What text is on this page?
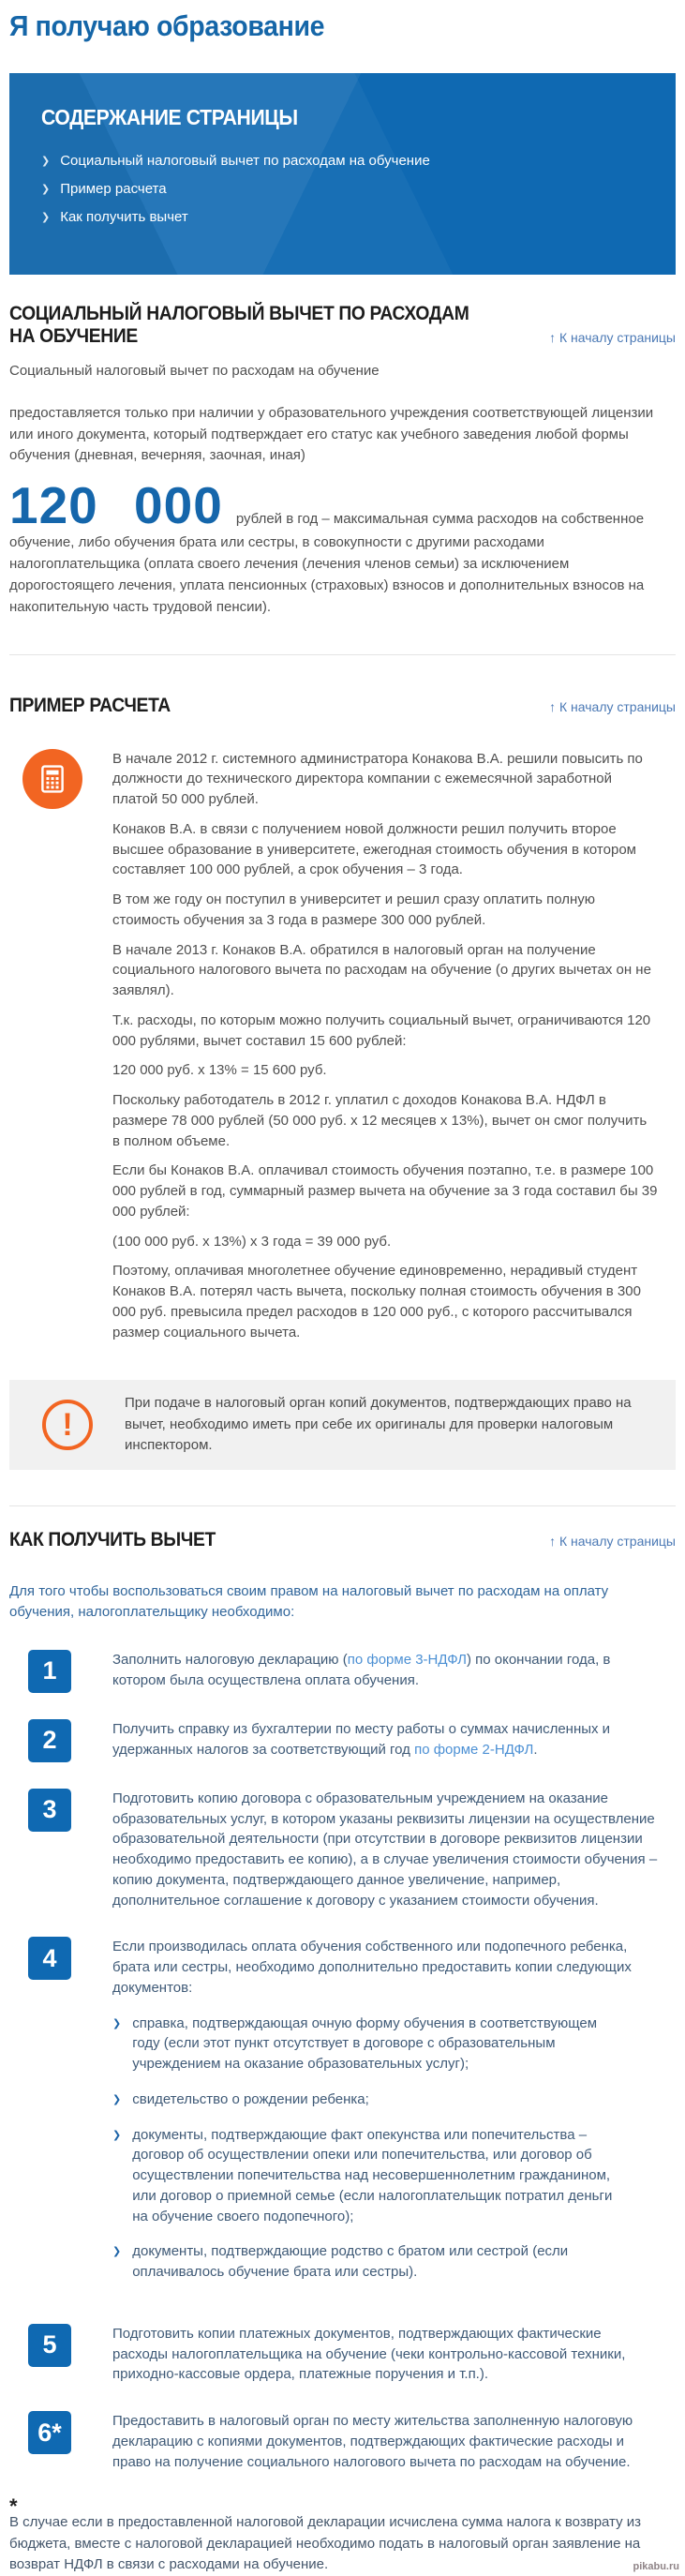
Я получаю образование
СОДЕРЖАНИЕ СТРАНИЦЫ
❯ Социальный налоговый вычет по расходам на обучение
❯ Пример расчета
❯ Как получить вычет
СОЦИАЛЬНЫЙ НАЛОГОВЫЙ ВЫЧЕТ ПО РАСХОДАМ НА ОБУЧЕНИЕ	↑ К началу страницы

Социальный налоговый вычет по расходам на обучение

предоставляется только при наличии у образовательного учреждения соответствующей лицензии или иного документа, который подтверждает его статус как учебного заведения любой формы обучения (дневная, вечерняя, заочная, иная)

120 000 рублей в год – максимальная сумма расходов на собственное обучение, либо обучения брата или сестры, в совокупности с другими расходами налогоплательщика (оплата своего лечения (лечения членов семьи) за исключением дорогостоящего лечения, уплата пенсионных (страховых) взносов и дополнительных взносов на накопительную часть трудовой пенсии).

ПРИМЕР РАСЧЕТА	↑ К началу страницы

В начале 2012 г. системного администратора Конакова В.А. решили повысить по должности до технического директора компании с ежемесячной заработной платой 50 000 рублей.

Конаков В.А. в связи с получением новой должности решил получить второе высшее образование в университете, ежегодная стоимость обучения в котором составляет 100 000 рублей, а срок обучения – 3 года.

В том же году он поступил в университет и решил сразу оплатить полную стоимость обучения за 3 года в размере 300 000 рублей.

В начале 2013 г. Конаков В.А. обратился в налоговый орган на получение социального налогового вычета по расходам на обучение (о других вычетах он не заявлял).

Т.к. расходы, по которым можно получить социальный вычет, ограничиваются 120 000 рублями, вычет составил 15 600 рублей:

120 000 руб. x 13% = 15 600 руб.

Поскольку работодатель в 2012 г. уплатил с доходов Конакова В.А. НДФЛ в размере 78 000 рублей (50 000 руб. x 12 месяцев x 13%), вычет он смог получить в полном объеме.

Если бы Конаков В.А. оплачивал стоимость обучения поэтапно, т.е. в размере 100 000 рублей в год, суммарный размер вычета на обучение за 3 года составил бы 39 000 рублей:

(100 000 руб. x 13%) x 3 года = 39 000 руб.

Поэтому, оплачивая многолетнее обучение единовременно, нерадивый студент Конаков В.А. потерял часть вычета, поскольку полная стоимость обучения в 300 000 руб. превысила предел расходов в 120 000 руб., с которого рассчитывался размер социального вычета.

!
При подаче в налоговый орган копий документов, подтверждающих право на вычет, необходимо иметь при себе их оригиналы для проверки налоговым инспектором.
КАК ПОЛУЧИТЬ ВЫЧЕТ	↑ К началу страницы

Для того чтобы воспользоваться своим правом на налоговый вычет по расходам на оплату обучения, налогоплательщику необходимо:

1	Заполнить налоговую декларацию (по форме 3-НДФЛ) по окончании года, в котором была осуществлена оплата обучения.
2	Получить справку из бухгалтерии по месту работы о суммах начисленных и удержанных налогов за соответствующий год по форме 2-НДФЛ.
3	Подготовить копию договора с образовательным учреждением на оказание образовательных услуг, в котором указаны реквизиты лицензии на осуществление образовательной деятельности (при отсутствии в договоре реквизитов лицензии необходимо предоставить ее копию), а в случае увеличения стоимости обучения – копию документа, подтверждающего данное увеличение, например, дополнительное соглашение к договору с указанием стоимости обучения.
4	Если производилась оплата обучения собственного или подопечного ребенка, брата или сестры, необходимо дополнительно предоставить копии следующих документов:
❯ справка, подтверждающая очную форму обучения в соответствующем году (если этот пункт отсутствует в договоре с образовательным учреждением на оказание образовательных услуг);
❯ свидетельство о рождении ребенка;
❯ документы, подтверждающие факт опекунства или попечительства – договор об осуществлении опеки или попечительства, или договор об осуществлении попечительства над несовершеннолетним гражданином, или договор о приемной семье (если налогоплательщик потратил деньги на обучение своего подопечного);
❯ документы, подтверждающие родство с братом или сестрой (если оплачивалось обучение брата или сестры).
5	Подготовить копии платежных документов, подтверждающих фактические расходы налогоплательщика на обучение (чеки контрольно-кассовой техники, приходно-кассовые ордера, платежные поручения и т.п.).
6*	Предоставить в налоговый орган по месту жительства заполненную налоговую декларацию с копиями документов, подтверждающих фактические расходы и право на получение социального налогового вычета по расходам на обучение.
*
В случае если в предоставленной налоговой декларации исчислена сумма налога к возврату из бюджета, вместе с налоговой декларацией необходимо подать в налоговый орган заявление на возврат НДФЛ в связи с расходами на обучение.	pikabu.ru
